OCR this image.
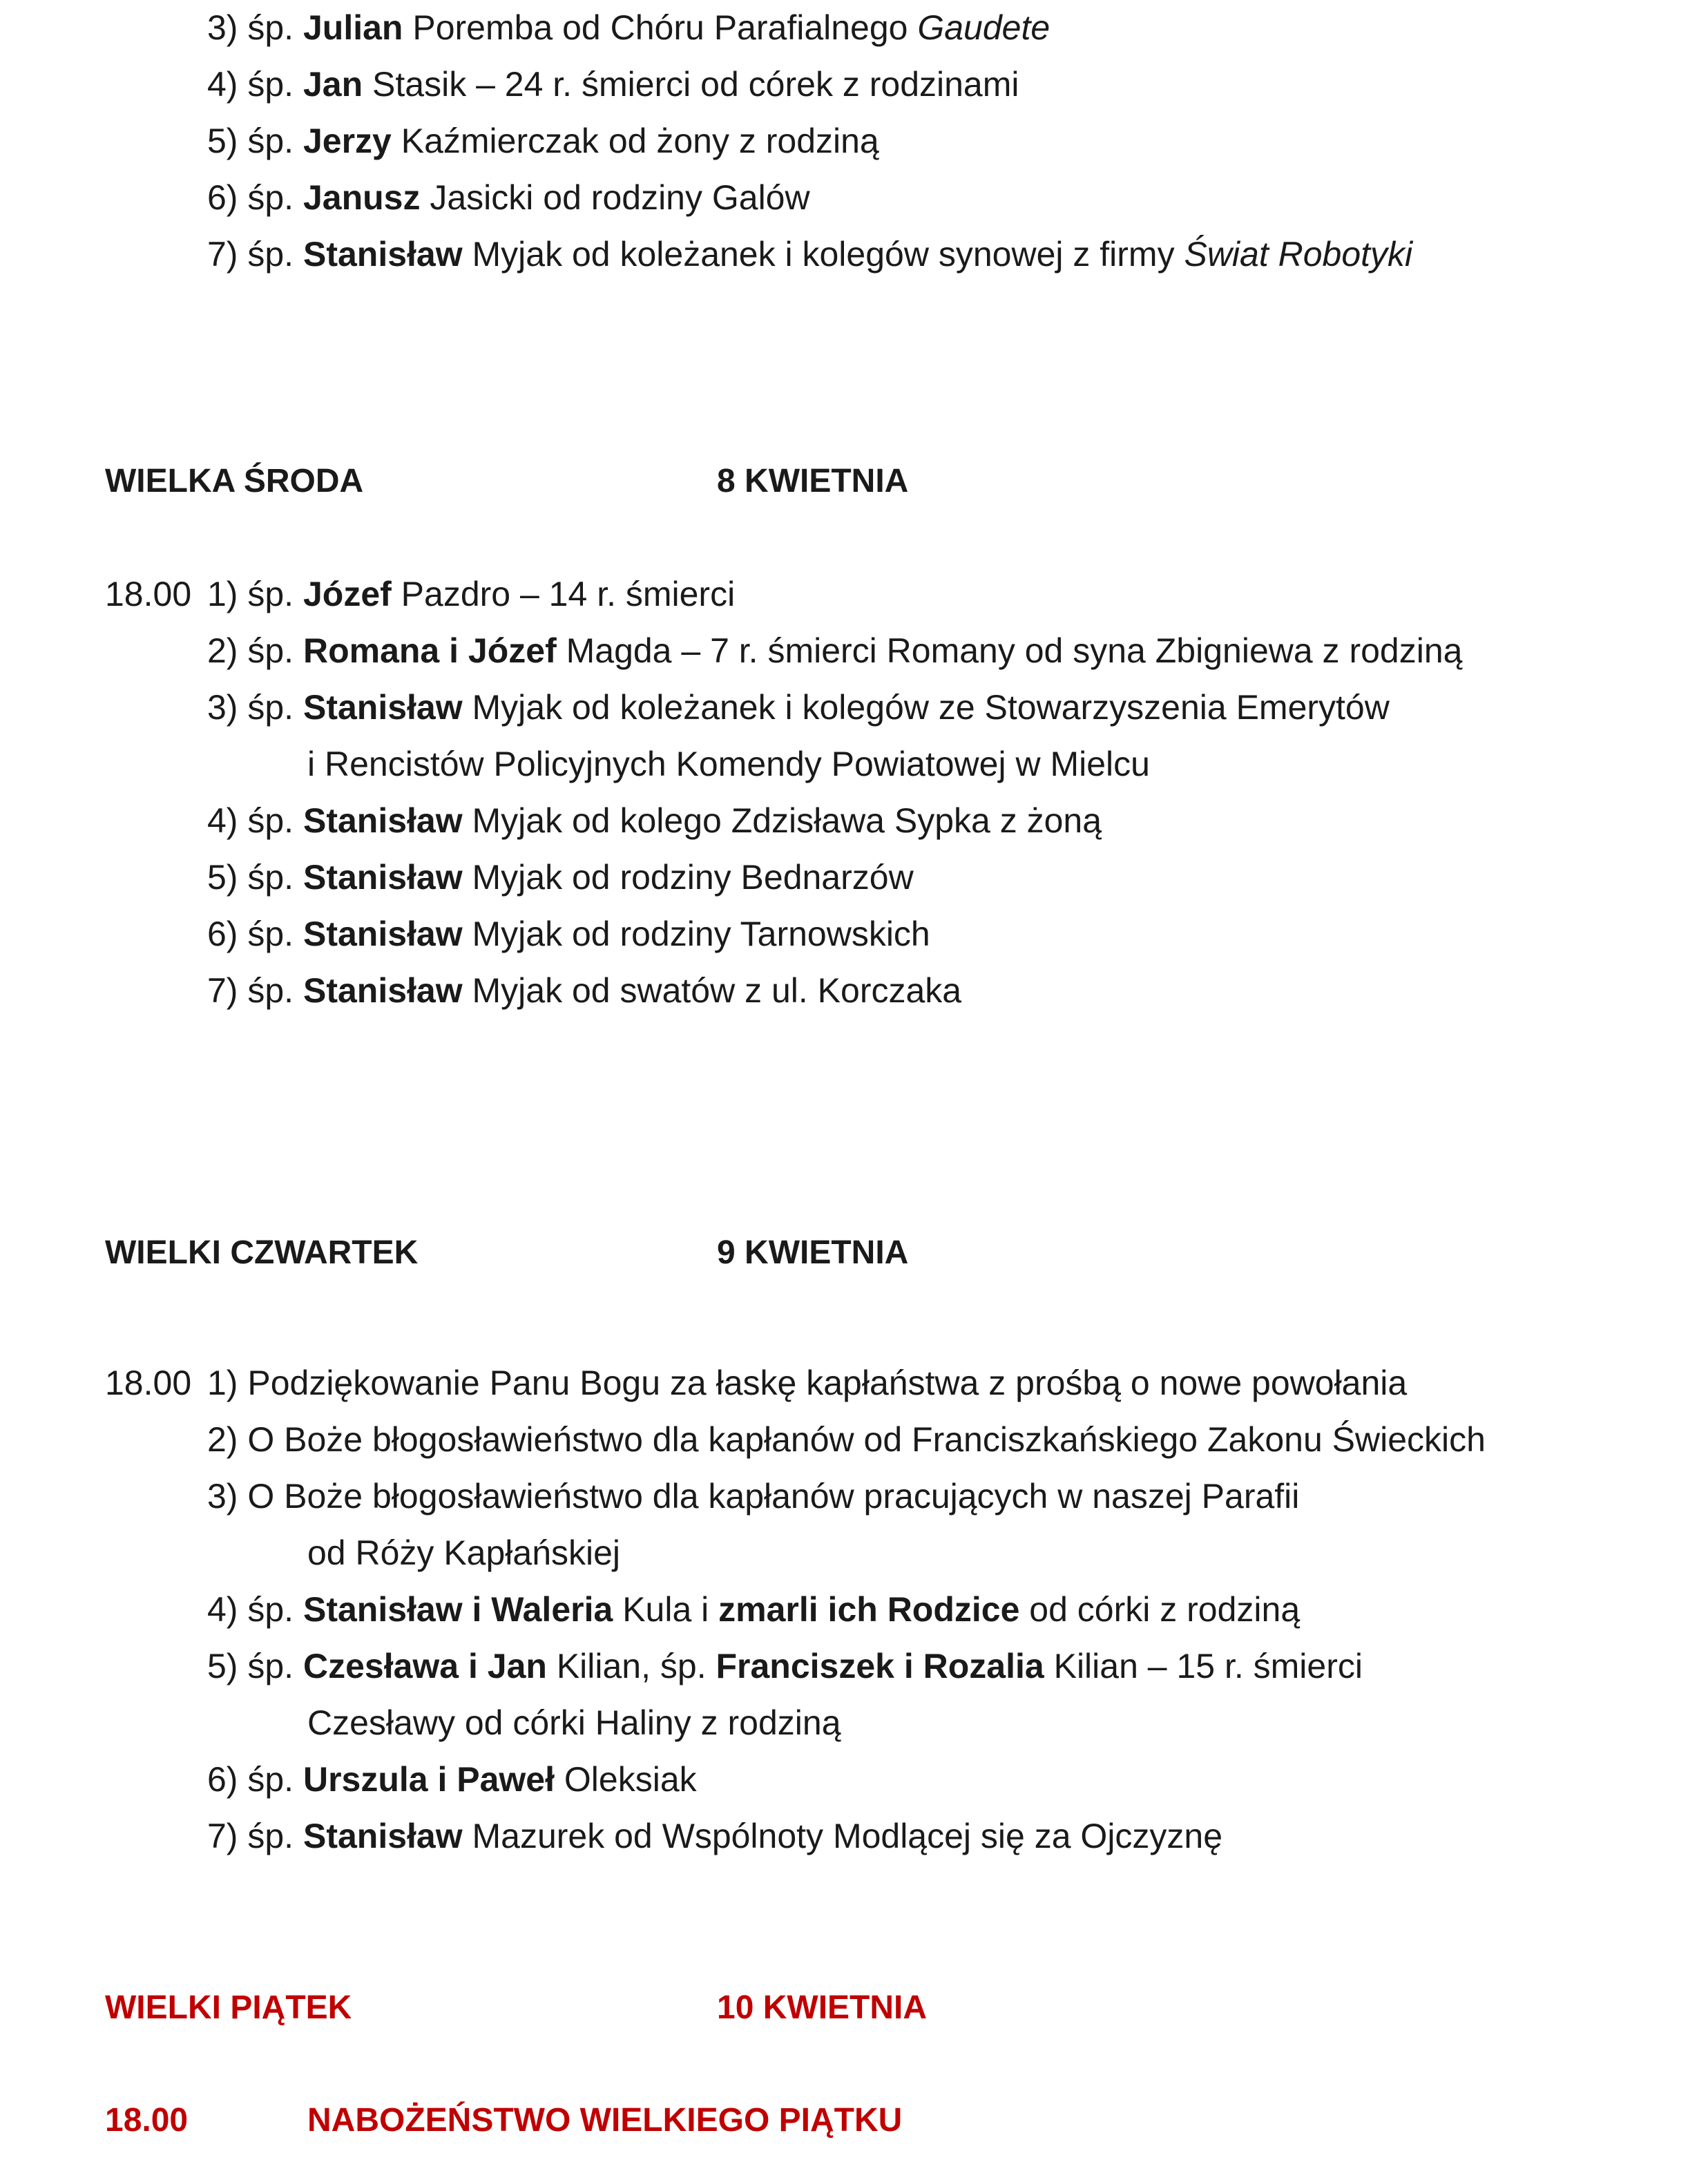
3) śp. Julian Poremba od Chóru Parafialnego Gaudete
4) śp. Jan Stasik – 24 r. śmierci od córek z rodzinami
5) śp. Jerzy Kaźmierczak od żony z rodziną
6) śp. Janusz Jasicki od rodziny Galów
7) śp. Stanisław Myjak od koleżanek i kolegów synowej z firmy Świat Robotyki
WIELKA ŚRODA	8 KWIETNIA
18.00 1) śp. Józef Pazdro – 14 r. śmierci
2) śp. Romana i Józef Magda – 7 r. śmierci Romany od syna Zbigniewa z rodziną
3) śp. Stanisław Myjak od koleżanek i kolegów ze Stowarzyszenia Emerytów
i Rencistów Policyjnych Komendy Powiatowej w Mielcu
4) śp. Stanisław Myjak od kolego Zdzisława Sypka z żoną
5) śp. Stanisław Myjak od rodziny Bednarzów
6) śp. Stanisław Myjak od rodziny Tarnowskich
7) śp. Stanisław Myjak od swatów z ul. Korczaka
WIELKI CZWARTEK	9 KWIETNIA
18.00 1) Podziękowanie Panu Bogu za łaskę kapłaństwa z prośbą o nowe powołania
2) O Boże błogosławieństwo dla kapłanów od Franciszkańskiego Zakonu Świeckich
3) O Boże błogosławieństwo dla kapłanów pracujących w naszej Parafii
od Róży Kapłańskiej
4) śp. Stanisław i Waleria Kula i zmarli ich Rodzice od córki z rodziną
5) śp. Czesława i Jan Kilian, śp. Franciszek i Rozalia Kilian – 15 r. śmierci
Czesławy od córki Haliny z rodziną
6) śp. Urszula i Paweł Oleksiak
7) śp. Stanisław Mazurek od Wspólnoty Modlącej się za Ojczyznę
WIELKI PIĄTEK	10 KWIETNIA
18.00	NABOŻEŃSTWO WIELKIEGO PIĄTKU
